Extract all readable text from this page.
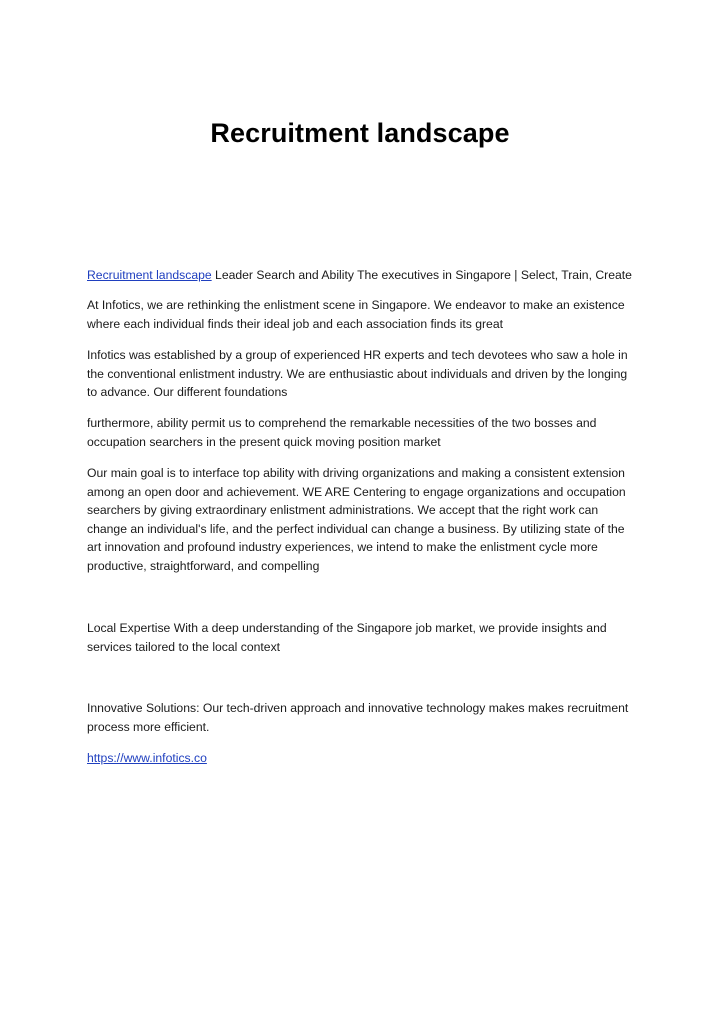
Recruitment landscape

Recruitment landscape Leader Search and Ability The executives in Singapore | Select, Train, Create

At Infotics, we are rethinking the enlistment scene in Singapore. We endeavor to make an existence where each individual finds their ideal job and each association finds its great

Infotics was established by a group of experienced HR experts and tech devotees who saw a hole in the conventional enlistment industry. We are enthusiastic about individuals and driven by the longing to advance. Our different foundations

furthermore, ability permit us to comprehend the remarkable necessities of the two bosses and occupation searchers in the present quick moving position market

Our main goal is to interface top ability with driving organizations and making a consistent extension among an open door and achievement. WE ARE Centering to engage organizations and occupation searchers by giving extraordinary enlistment administrations. We accept that the right work can change an individual's life, and the perfect individual can change a business. By utilizing state of the art innovation and profound industry experiences, we intend to make the enlistment cycle more productive, straightforward, and compelling

Local Expertise With a deep understanding of the Singapore job market, we provide insights and services tailored to the local context

Innovative Solutions: Our tech-driven approach and innovative technology makes makes recruitment process more efficient.

https://www.infotics.co
